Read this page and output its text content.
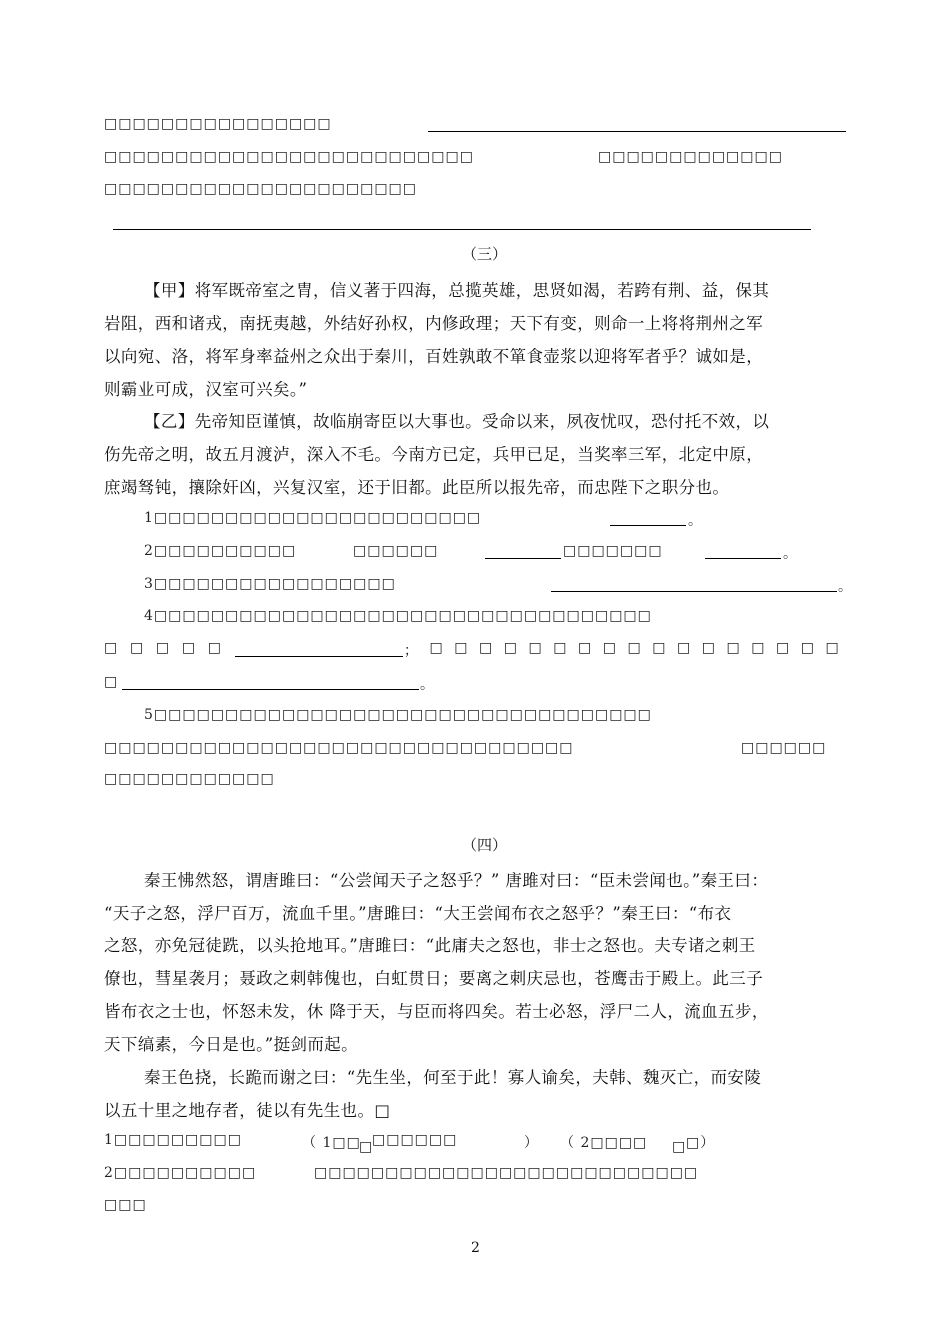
□□□□□□□□□□□□□□□□
□□□□□□□□□□□□□□□□□□□□□□□□□□	□□□□□□□□□□□□□
□□□□□□□□□□□□□□□□□□□□□□
（三）
【甲】将军既帝室之胄，信义著于四海，总揽英雄，思贤如渴，若跨有荆、益，保其
岩阻，西和诸戎，南抚夷越，外结好孙权，内修政理；天下有变，则命一上将将荆州之军
以向宛、洛，将军身率益州之众出于秦川，百姓孰敢不箪食壶浆以迎将军者乎？诚如是，
则霸业可成，汉室可兴矣。”
【乙】先帝知臣谨慎，故临崩寄臣以大事也。受命以来，夙夜忧叹，恐付托不效，以
伤先帝之明，故五月渡泸，深入不毛。今南方已定，兵甲已足，当奖率三军，北定中原，
庶竭驽钝，攘除奸凶，兴复汉室，还于旧都。此臣所以报先帝，而忠陛下之职分也。
1□□□□□□□□□□□□□□□□□□□□□□□	。
2□□□□□□□□□□	□□□□□□	□□□□□□□	。
3□□□□□□□□□□□□□□□□□	。
4□□□□□□□□□□□□□□□□□□□□□□□□□□□□□□□□□□□
□ □ □ □ □	； □ □ □ □ □ □ □ □ □ □ □ □ □ □ □ □ □
□	。
5□□□□□□□□□□□□□□□□□□□□□□□□□□□□□□□□□□□
□□□□□□□□□□□□□□□□□□□□□□□□□□□□□□□□□	□□□□□□
□□□□□□□□□□□□
（四）
秦王怫然怒，谓唐雎曰：“公尝闻天子之怒乎？” 唐雎对曰：“臣未尝闻也。”秦王曰：
“天子之怒，浮尸百万，流血千里。”唐雎曰：“大王尝闻布衣之怒乎？”秦王曰：“布衣
之怒，亦免冠徒跣，以头抢地耳。”唐雎曰：“此庸夫之怒也，非士之怒也。夫专诸之刺王
僚也，彗星袭月；聂政之刺韩傀也，白虹贯日；要离之刺庆忌也，苍鹰击于殿上。此三子
皆布衣之士也，怀怒未发，休 降于天，与臣而将四矣。若士必怒，浮尸二人，流血五步，
天下缟素，今日是也。”挺剑而起。
秦王色挠，长跪而谢之曰：“先生坐，何至于此！寡人谕矣，夫韩、魏灭亡，而安陵
以五十里之地存者，徒以有先生也。□
1□□□□□□□□□	（ 1□□
□
□□□□□□	） （ 2□□□□ □ □）
2□□□□□□□□□□	□□□□□□□□□□□□□□□□□□□□□□□□□□□
□□□
2
